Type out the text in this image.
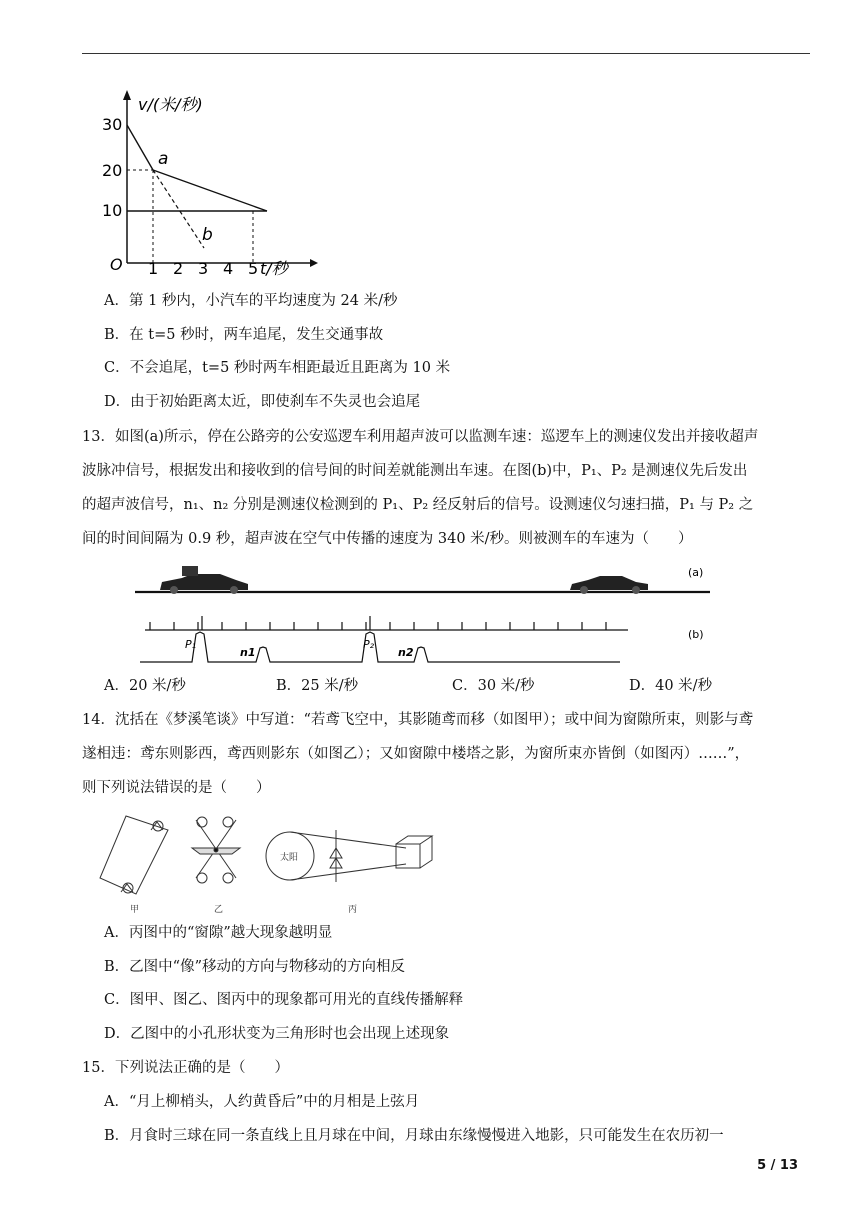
v/(米/秒)
t/秒
O
30
20
10
1 2 3 4 5
a
b
A．第 1 秒内，小汽车的平均速度为 24 米/秒
B．在 t=5 秒时，两车追尾，发生交通事故
C．不会追尾，t=5 秒时两车相距最近且距离为 10 米
D．由于初始距离太近，即使刹车不失灵也会追尾
13．如图(a)所示，停在公路旁的公安巡逻车利用超声波可以监测车速：巡逻车上的测速仪发出并接收超声
波脉冲信号，根据发出和接收到的信号间的时间差就能测出车速。在图(b)中，P₁、P₂ 是测速仪先后发出
的超声波信号，n₁、n₂ 分别是测速仪检测到的 P₁、P₂ 经反射后的信号。设测速仪匀速扫描，P₁ 与 P₂ 之
间的时间间隔为 0.9 秒，超声波在空气中传播的速度为 340 米/秒。则被测车的车速为（　　）
(a)
P₁	P₂
n1	n2
(b)
A．20 米/秒	B．25 米/秒	C．30 米/秒	D．40 米/秒
14．沈括在《梦溪笔谈》中写道：“若鸢飞空中，其影随鸢而移（如图甲）；或中间为窗隙所束，则影与鸢
遂相违：鸢东则影西，鸢西则影东（如图乙）；又如窗隙中楼塔之影，为窗所束亦皆倒（如图丙）……”，
则下列说法错误的是（　　）
甲	乙
太阳
丙
A．丙图中的“窗隙”越大现象越明显
B．乙图中“像”移动的方向与物移动的方向相反
C．图甲、图乙、图丙中的现象都可用光的直线传播解释
D．乙图中的小孔形状变为三角形时也会出现上述现象
15．下列说法正确的是（　　）
A．“月上柳梢头，人约黄昏后”中的月相是上弦月
B．月食时三球在同一条直线上且月球在中间，月球由东缘慢慢进入地影，只可能发生在农历初一
5 / 13
